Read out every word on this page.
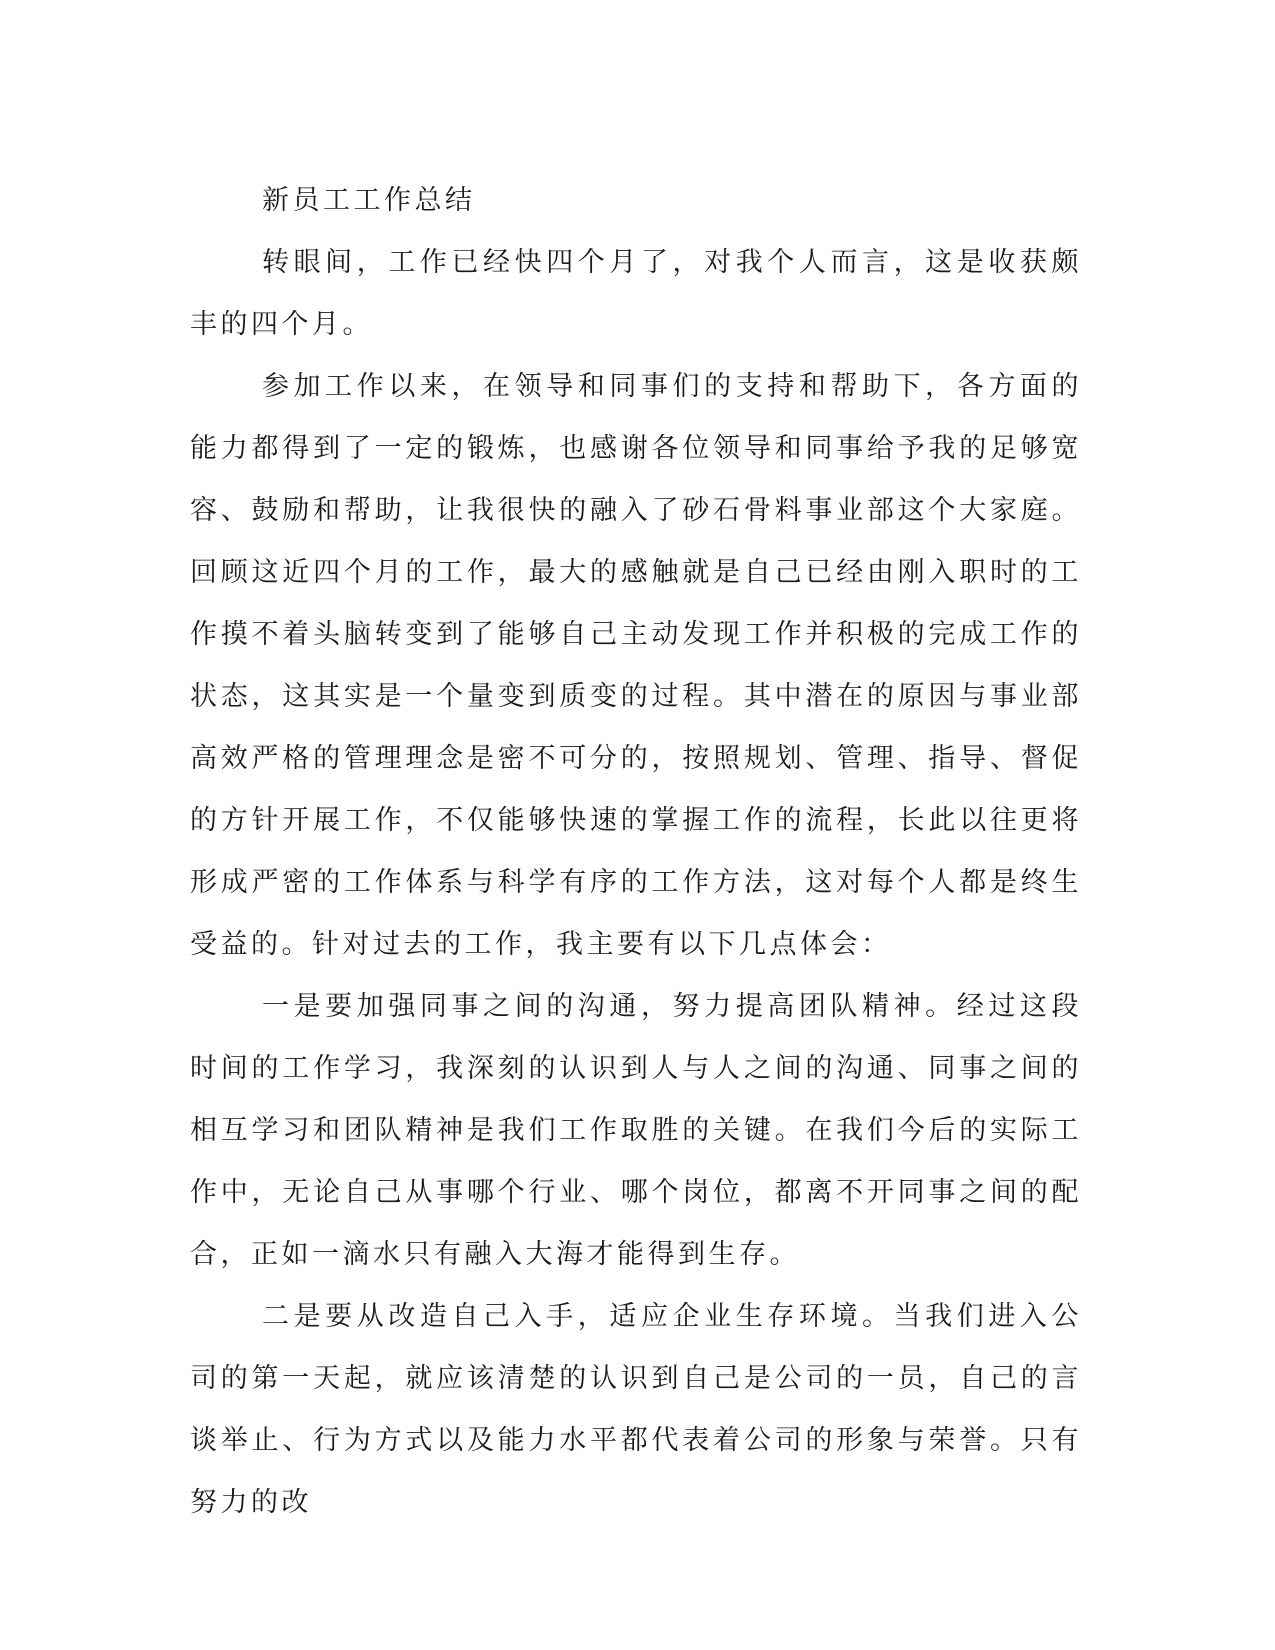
新员工工作总结

转眼间，工作已经快四个月了，对我个人而言，这是收获颇丰的四个月。

参加工作以来，在领导和同事们的支持和帮助下，各方面的能力都得到了一定的锻炼，也感谢各位领导和同事给予我的足够宽容、鼓励和帮助，让我很快的融入了砂石骨料事业部这个大家庭。回顾这近四个月的工作，最大的感触就是自己已经由刚入职时的工作摸不着头脑转变到了能够自己主动发现工作并积极的完成工作的状态，这其实是一个量变到质变的过程。其中潜在的原因与事业部高效严格的管理理念是密不可分的，按照规划、管理、指导、督促的方针开展工作，不仅能够快速的掌握工作的流程，长此以往更将形成严密的工作体系与科学有序的工作方法，这对每个人都是终生受益的。针对过去的工作，我主要有以下几点体会：

一是要加强同事之间的沟通，努力提高团队精神。经过这段时间的工作学习，我深刻的认识到人与人之间的沟通、同事之间的相互学习和团队精神是我们工作取胜的关键。在我们今后的实际工作中，无论自己从事哪个行业、哪个岗位，都离不开同事之间的配合，正如一滴水只有融入大海才能得到生存。

二是要从改造自己入手，适应企业生存环境。当我们进入公司的第一天起，就应该清楚的认识到自己是公司的一员，自己的言谈举止、行为方式以及能力水平都代表着公司的形象与荣誉。只有努力的改
